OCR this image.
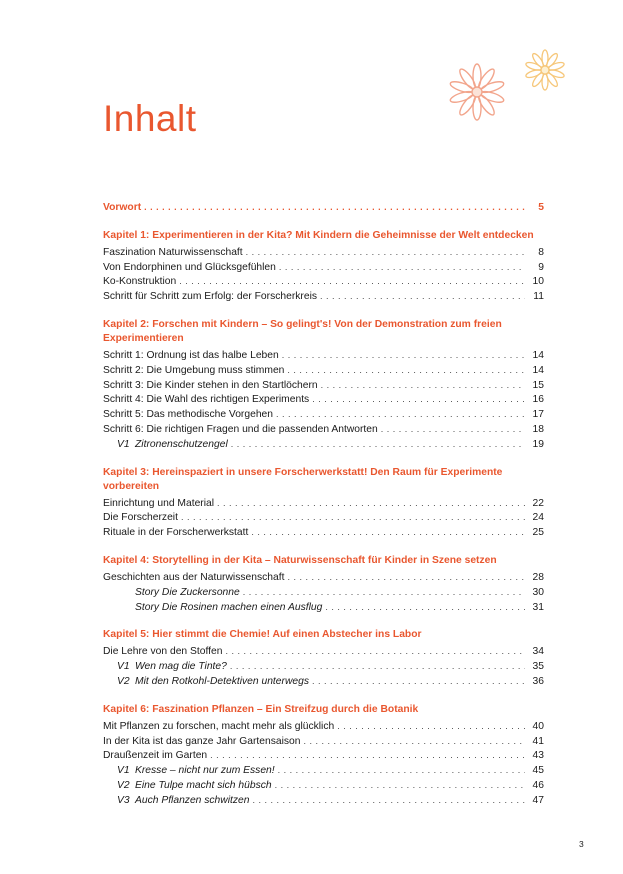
Inhalt
Vorwort . . .	5
Kapitel 1: Experimentieren in der Kita? Mit Kindern die Geheimnisse der Welt entdecken
Faszination Naturwissenschaft . . .	8
Von Endorphinen und Glücksgefühlen . . .	9
Ko-Konstruktion . . .	10
Schritt für Schritt zum Erfolg: der Forscherkreis . . .	11
Kapitel 2: Forschen mit Kindern – So gelingt's! Von der Demonstration zum freien Experimentieren
Schritt 1: Ordnung ist das halbe Leben . . .	14
Schritt 2: Die Umgebung muss stimmen . . .	14
Schritt 3: Die Kinder stehen in den Startlöchern . . .	15
Schritt 4: Die Wahl des richtigen Experiments . . .	16
Schritt 5: Das methodische Vorgehen . . .	17
Schritt 6: Die richtigen Fragen und die passenden Antworten . . .	18
V1 Zitronenschutzengel . . .	19
Kapitel 3: Hereinspaziert in unsere Forscherwerkstatt! Den Raum für Experimente vorbereiten
Einrichtung und Material . . .	22
Die Forscherzeit . . .	24
Rituale in der Forscherwerkstatt . . .	25
Kapitel 4: Storytelling in der Kita – Naturwissenschaft für Kinder in Szene setzen
Geschichten aus der Naturwissenschaft . . .	28
Story Die Zuckersonne . . .	30
Story Die Rosinen machen einen Ausflug . . .	31
Kapitel 5: Hier stimmt die Chemie! Auf einen Abstecher ins Labor
Die Lehre von den Stoffen . . .	34
V1 Wen mag die Tinte? . . .	35
V2 Mit den Rotkohl-Detektiven unterwegs . . .	36
Kapitel 6: Faszination Pflanzen – Ein Streifzug durch die Botanik
Mit Pflanzen zu forschen, macht mehr als glücklich . . .	40
In der Kita ist das ganze Jahr Gartensaison . . .	41
Draußenzeit im Garten . . .	43
V1 Kresse – nicht nur zum Essen! . . .	45
V2 Eine Tulpe macht sich hübsch . . .	46
V3 Auch Pflanzen schwitzen . . .	47
3
